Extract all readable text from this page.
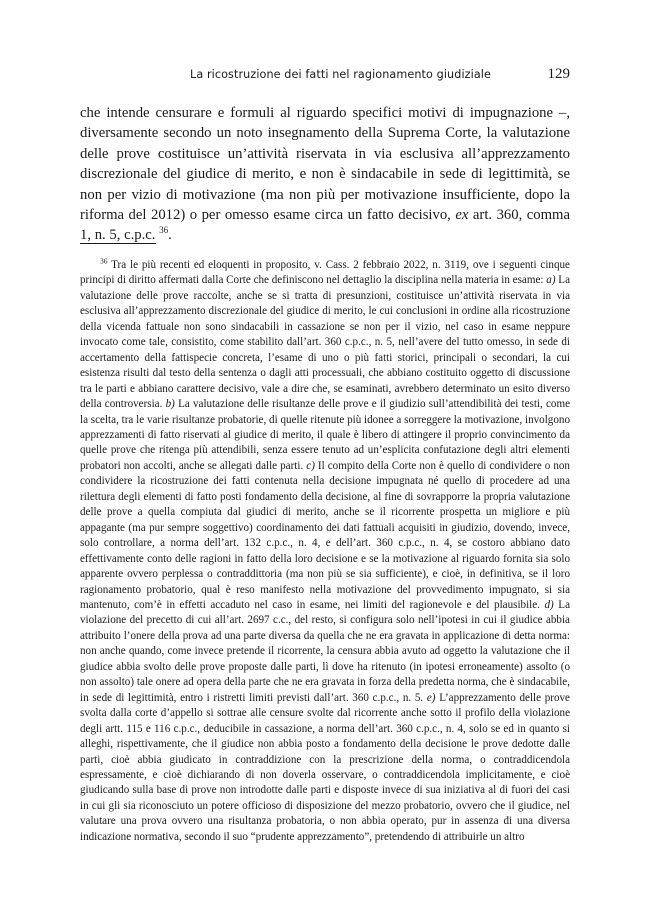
La ricostruzione dei fatti nel ragionamento giudiziale	129

che intende censurare e formuli al riguardo specifici motivi di impugnazione –, diversamente secondo un noto insegnamento della Suprema Corte, la valutazione delle prove costituisce un’attività riservata in via esclusiva all’apprezzamento discrezionale del giudice di merito, e non è sindacabile in sede di legittimità, se non per vizio di motivazione (ma non più per motivazione insufficiente, dopo la riforma del 2012) o per omesso esame circa un fatto decisivo, ex art. 360, comma 1, n. 5, c.p.c. $^{36}$.

$^{36}$ Tra le più recenti ed eloquenti in proposito, v. Cass. 2 febbraio 2022, n. 3119, ove i seguenti cinque principi di diritto affermati dalla Corte che definiscono nel dettaglio la disciplina nella materia in esame: a) La valutazione delle prove raccolte, anche se si tratta di presunzioni, costituisce un’attività riservata in via esclusiva all’apprezzamento discrezionale del giudice di merito, le cui conclusioni in ordine alla ricostruzione della vicenda fattuale non sono sindacabili in cassazione se non per il vizio, nel caso in esame neppure invocato come tale, consistito, come stabilito dall’art. 360 c.p.c., n. 5, nell’avere del tutto omesso, in sede di accertamento della fattispecie concreta, l’esame di uno o più fatti storici, principali o secondari, la cui esistenza risulti dal testo della sentenza o dagli atti processuali, che abbiano costituito oggetto di discussione tra le parti e abbiano carattere decisivo, vale a dire che, se esaminati, avrebbero determinato un esito diverso della controversia. b) La valutazione delle risultanze delle prove e il giudizio sull’attendibilità dei testi, come la scelta, tra le varie risultanze probatorie, di quelle ritenute più idonee a sorreggere la motivazione, involgono apprezzamenti di fatto riservati al giudice di merito, il quale è libero di attingere il proprio convincimento da quelle prove che ritenga più attendibili, senza essere tenuto ad un’esplicita confutazione degli altri elementi probatori non accolti, anche se allegati dalle parti. c) Il compito della Corte non è quello di condividere o non condividere la ricostruzione dei fatti contenuta nella decisione impugnata né quello di procedere ad una rilettura degli elementi di fatto posti fondamento della decisione, al fine di sovrapporre la propria valutazione delle prove a quella compiuta dal giudici di merito, anche se il ricorrente prospetta un migliore e più appagante (ma pur sempre soggettivo) coordinamento dei dati fattuali acquisiti in giudizio, dovendo, invece, solo controllare, a norma dell’art. 132 c.p.c., n. 4, e dell’art. 360 c.p.c., n. 4, se costoro abbiano dato effettivamente conto delle ragioni in fatto della loro decisione e se la motivazione al riguardo fornita sia solo apparente ovvero perplessa o contraddittoria (ma non più se sia sufficiente), e cioè, in definitiva, se il loro ragionamento probatorio, qual è reso manifesto nella motivazione del provvedimento impugnato, si sia mantenuto, com’è in effetti accaduto nel caso in esame, nei limiti del ragionevole e del plausibile. d) La violazione del precetto di cui all’art. 2697 c.c., del resto, si configura solo nell’ipotesi in cui il giudice abbia attribuito l’onere della prova ad una parte diversa da quella che ne era gravata in applicazione di detta norma: non anche quando, come invece pretende il ricorrente, la censura abbia avuto ad oggetto la valutazione che il giudice abbia svolto delle prove proposte dalle parti, lì dove ha ritenuto (in ipotesi erroneamente) assolto (o non assolto) tale onere ad opera della parte che ne era gravata in forza della predetta norma, che è sindacabile, in sede di legittimità, entro i ristretti limiti previsti dall’art. 360 c.p.c., n. 5. e) L’apprezzamento delle prove svolta dalla corte d’appello si sottrae alle censure svolte dal ricorrente anche sotto il profilo della violazione degli artt. 115 e 116 c.p.c., deducibile in cassazione, a norma dell’art. 360 c.p.c., n. 4, solo se ed in quanto si alleghi, rispettivamente, che il giudice non abbia posto a fondamento della decisione le prove dedotte dalle parti, cioè abbia giudicato in contraddizione con la prescrizione della norma, o contraddicendola espressamente, e cioè dichiarando di non doverla osservare, o contraddicendola implicitamente, e cioè giudicando sulla base di prove non introdotte dalle parti e disposte invece di sua iniziativa al di fuori dei casi in cui gli sia riconosciuto un potere officioso di disposizione del mezzo probatorio, ovvero che il giudice, nel valutare una prova ovvero una risultanza probatoria, o non abbia operato, pur in assenza di una diversa indicazione normativa, secondo il suo “prudente apprezzamento”, pretendendo di attribuirle un altro
